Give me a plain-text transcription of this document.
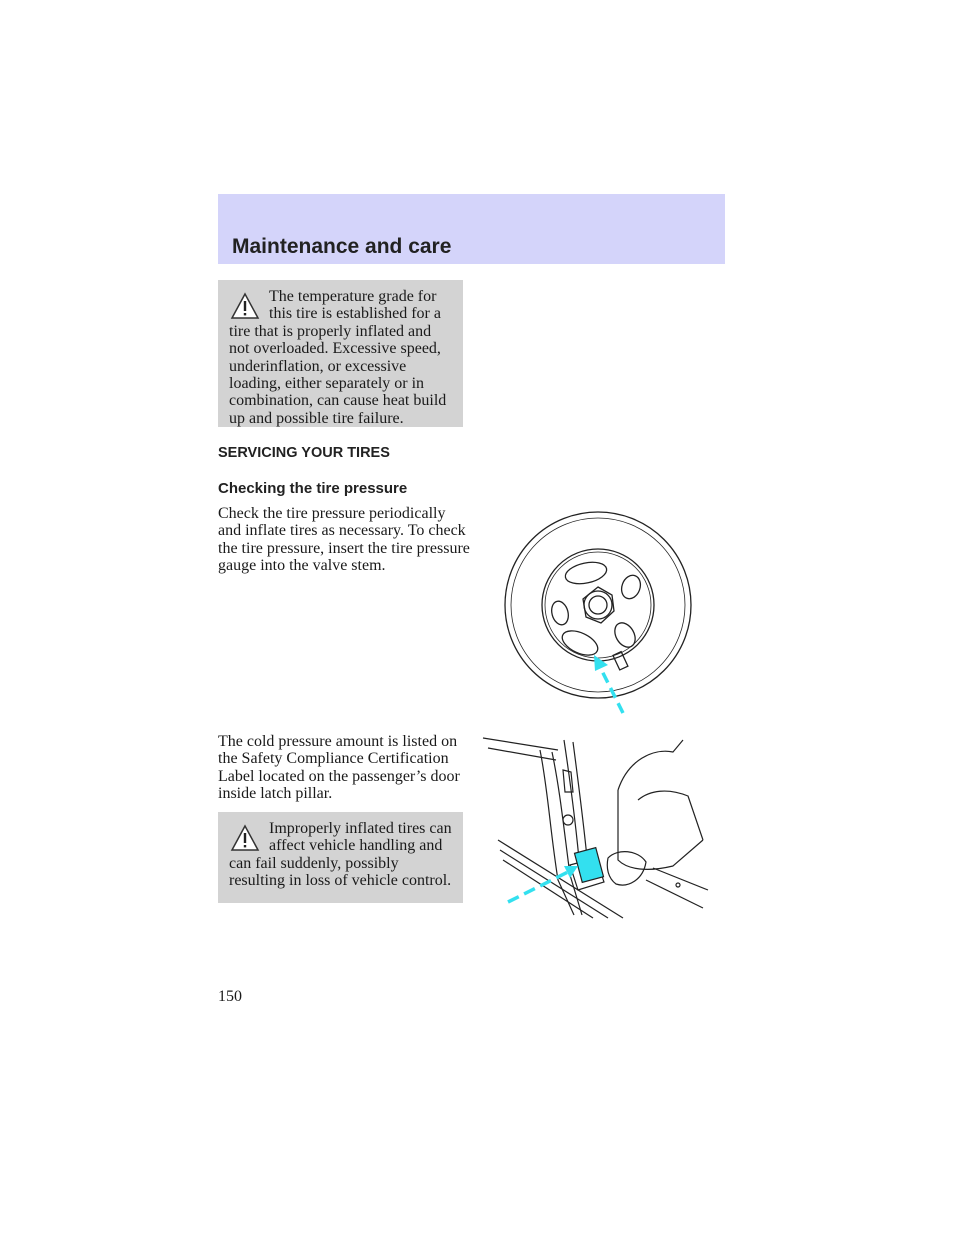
Maintenance and care

The temperature grade for this tire is established for a tire that is properly inflated and not overloaded. Excessive speed, underinflation, or excessive loading, either separately or in combination, can cause heat build up and possible tire failure.

SERVICING YOUR TIRES
Checking the tire pressure

Check the tire pressure periodically and inflate tires as necessary. To check the tire pressure, insert the tire pressure gauge into the valve stem.

The cold pressure amount is listed on the Safety Compliance Certification Label located on the passenger’s door inside latch pillar.

Improperly inflated tires can affect vehicle handling and can fail suddenly, possibly resulting in loss of vehicle control.

150
